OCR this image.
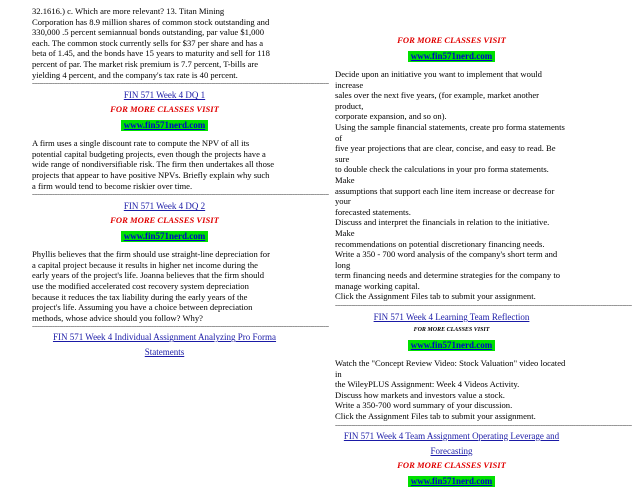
32.1616.) c. Which are more relevant? 13. Titan Mining

Corporation has 8.9 million shares of common stock outstanding and

330,000 .5 percent semiannual bonds outstanding, par value $1,000

each. The common stock currently sells for $37 per share and has a

beta of 1.45, and the bonds have 15 years to maturity and sell for 118

percent of par. The market risk premium is 7.7 percent, T-bills are

yielding 4 percent, and the company's tax rate is 40 percent.

------------------------------------------------------------------------------------------------------------------------------------------------------------------
FIN 571 Week 4 DQ 1
FOR MORE CLASSES VISIT
www.fin571nerd.com

A firm uses a single discount rate to compute the NPV of all its

potential capital budgeting projects, even though the projects have a

wide range of nondiversifiable risk. The firm then undertakes all those

projects that appear to have positive NPVs. Briefly explain why such

a firm would tend to become riskier over time.

------------------------------------------------------------------------------------------------------------------------------------------------------------------
FIN 571 Week 4 DQ 2
FOR MORE CLASSES VISIT
www.fin571nerd.com

Phyllis believes that the firm should use straight-line depreciation for

a capital project because it results in higher net income during the

early years of the project's life. Joanna believes that the firm should

use the modified accelerated cost recovery system depreciation

because it reduces the tax liability during the early years of the

project's life. Assuming you have a choice between depreciation

methods, whose advice should you follow? Why?

------------------------------------------------------------------------------------------------------------------------------------------------------------------
FIN 571 Week 4 Individual Assignment Analyzing Pro Forma
Statements
FOR MORE CLASSES VISIT
www.fin571nerd.com

Decide upon an initiative you want to implement that would increase

sales over the next five years, (for example, market another product,

corporate expansion, and so on).

Using the sample financial statements, create pro forma statements of

five year projections that are clear, concise, and easy to read. Be sure

to double check the calculations in your pro forma statements. Make

assumptions that support each line item increase or decrease for your

forecasted statements.

Discuss and interpret the financials in relation to the initiative. Make

recommendations on potential discretionary financing needs.

Write a 350 - 700 word analysis of the company's short term and long

term financing needs and determine strategies for the company to

manage working capital.

Click the Assignment Files tab to submit your assignment.

------------------------------------------------------------------------------------------------------------------------------------------------------------------
FIN 571 Week 4 Learning Team Reflection
FOR MORE CLASSES VISIT
www.fin571nerd.com

Watch the "Concept Review Video: Stock Valuation" video located in

the WileyPLUS Assignment: Week 4 Videos Activity.

Discuss how markets and investors value a stock.

Write a 350-700 word summary of your discussion.

Click the Assignment Files tab to submit your assignment.

------------------------------------------------------------------------------------------------------------------------------------------------------------------
FIN 571 Week 4 Team Assignment Operating Leverage and
Forecasting
FOR MORE CLASSES VISIT
www.fin571nerd.com
